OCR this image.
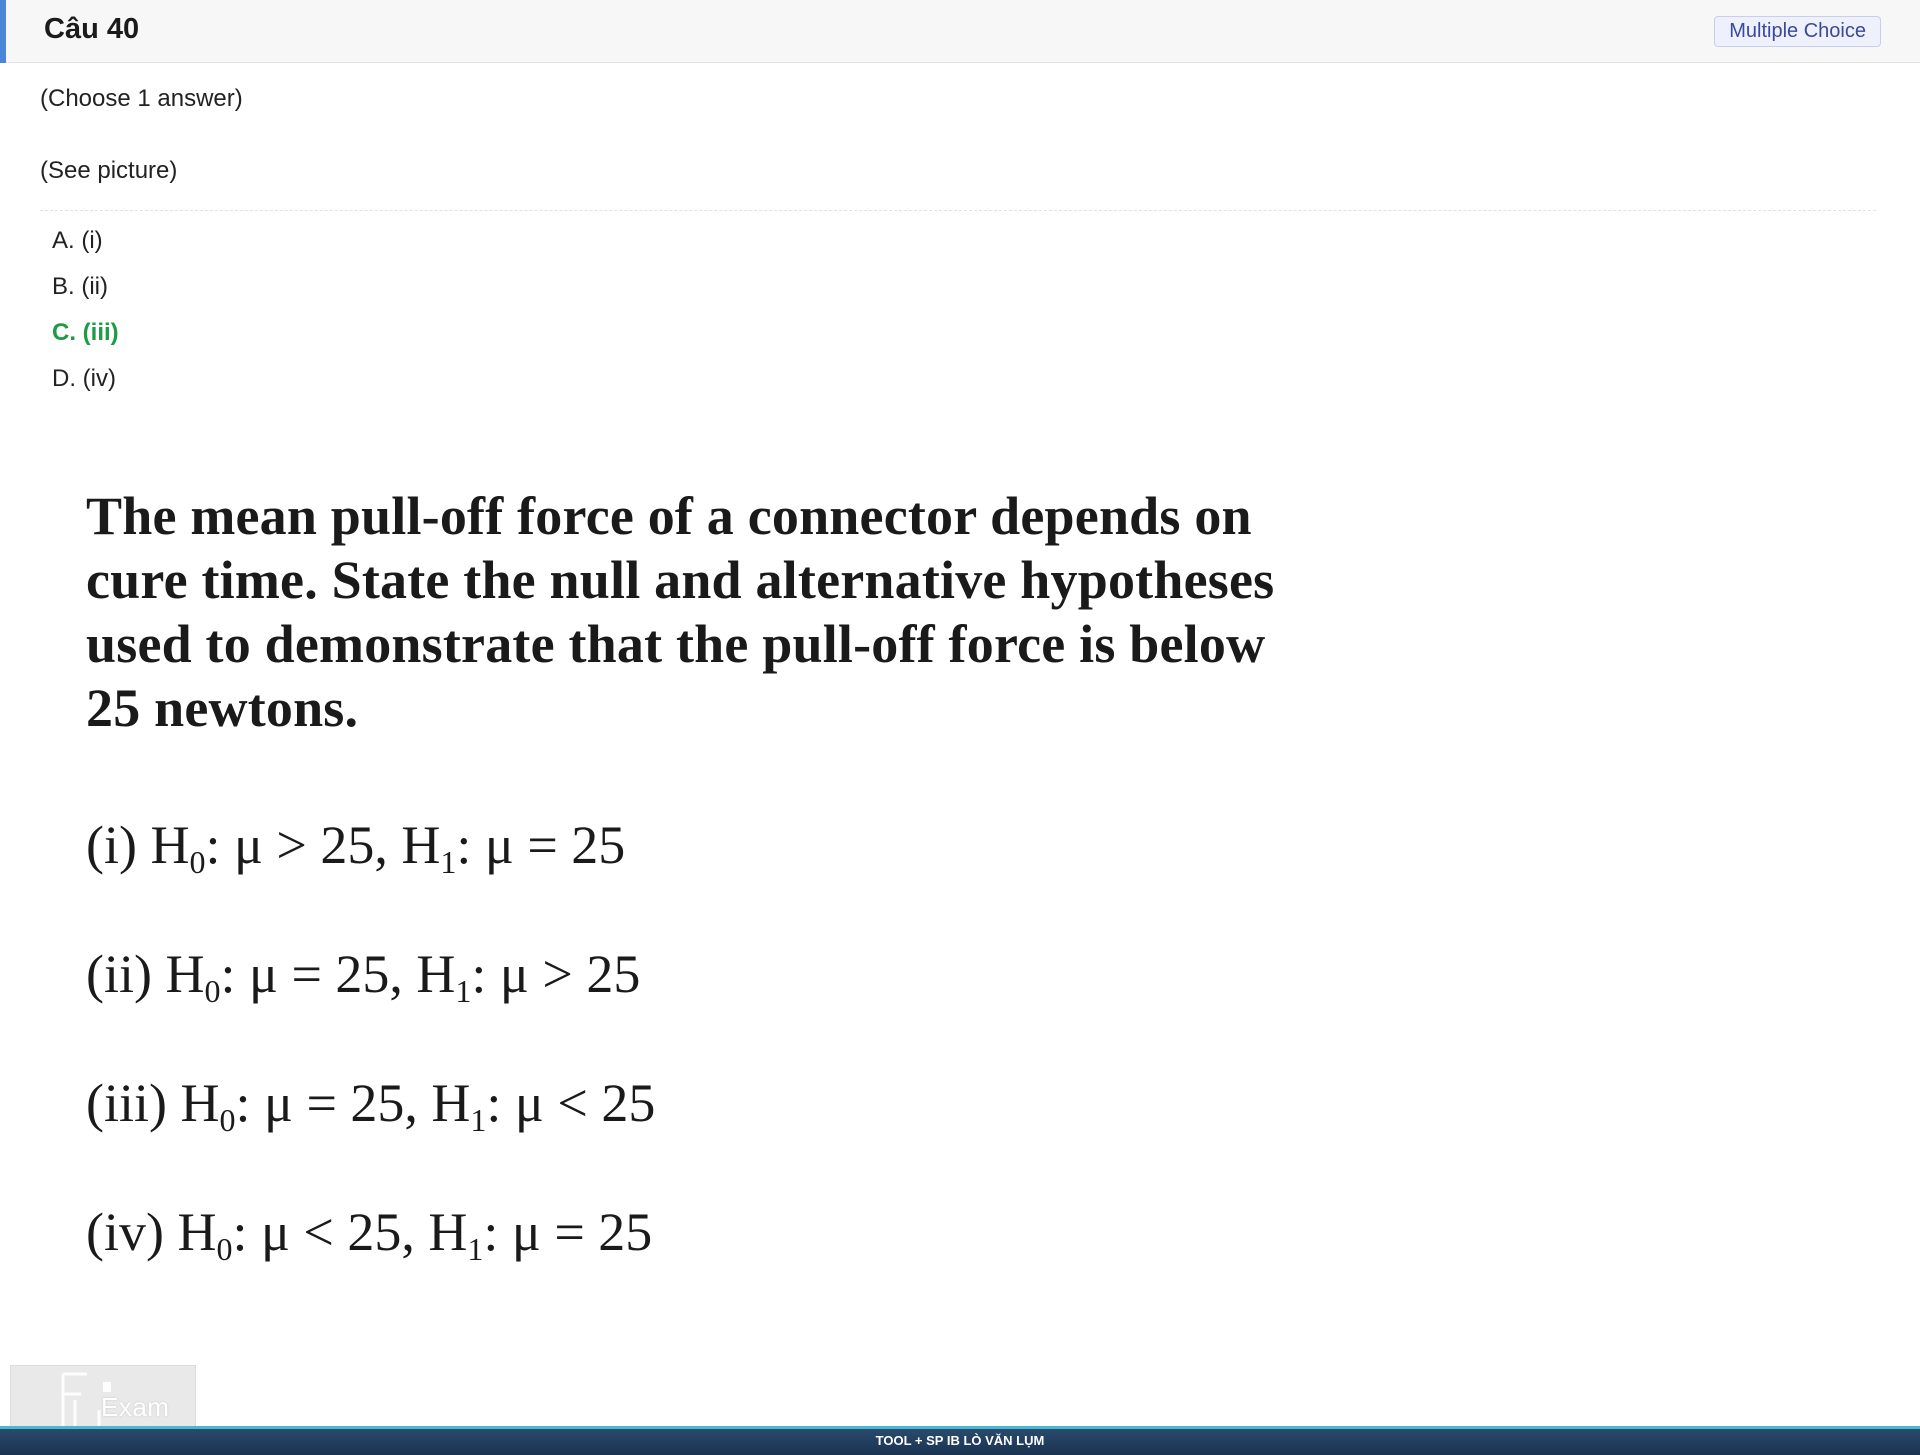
Câu 40	Multiple Choice
(Choose 1 answer)
(See picture)
A. (i)
B. (ii)
C. (iii)
D. (iv)
The mean pull-off force of a connector depends on
cure time. State the null and alternative hypotheses
used to demonstrate that the pull-off force is below
25 newtons.
(i) $H_0$: μ > 25, $H_1$: μ = 25
(ii) $H_0$: μ = 25, $H_1$: μ > 25
(iii) $H_0$: μ = 25, $H_1$: μ < 25
(iv) $H_0$: μ < 25, $H_1$: μ = 25
Exam
TOOL + SP IB LÒ VĂN LỤM
